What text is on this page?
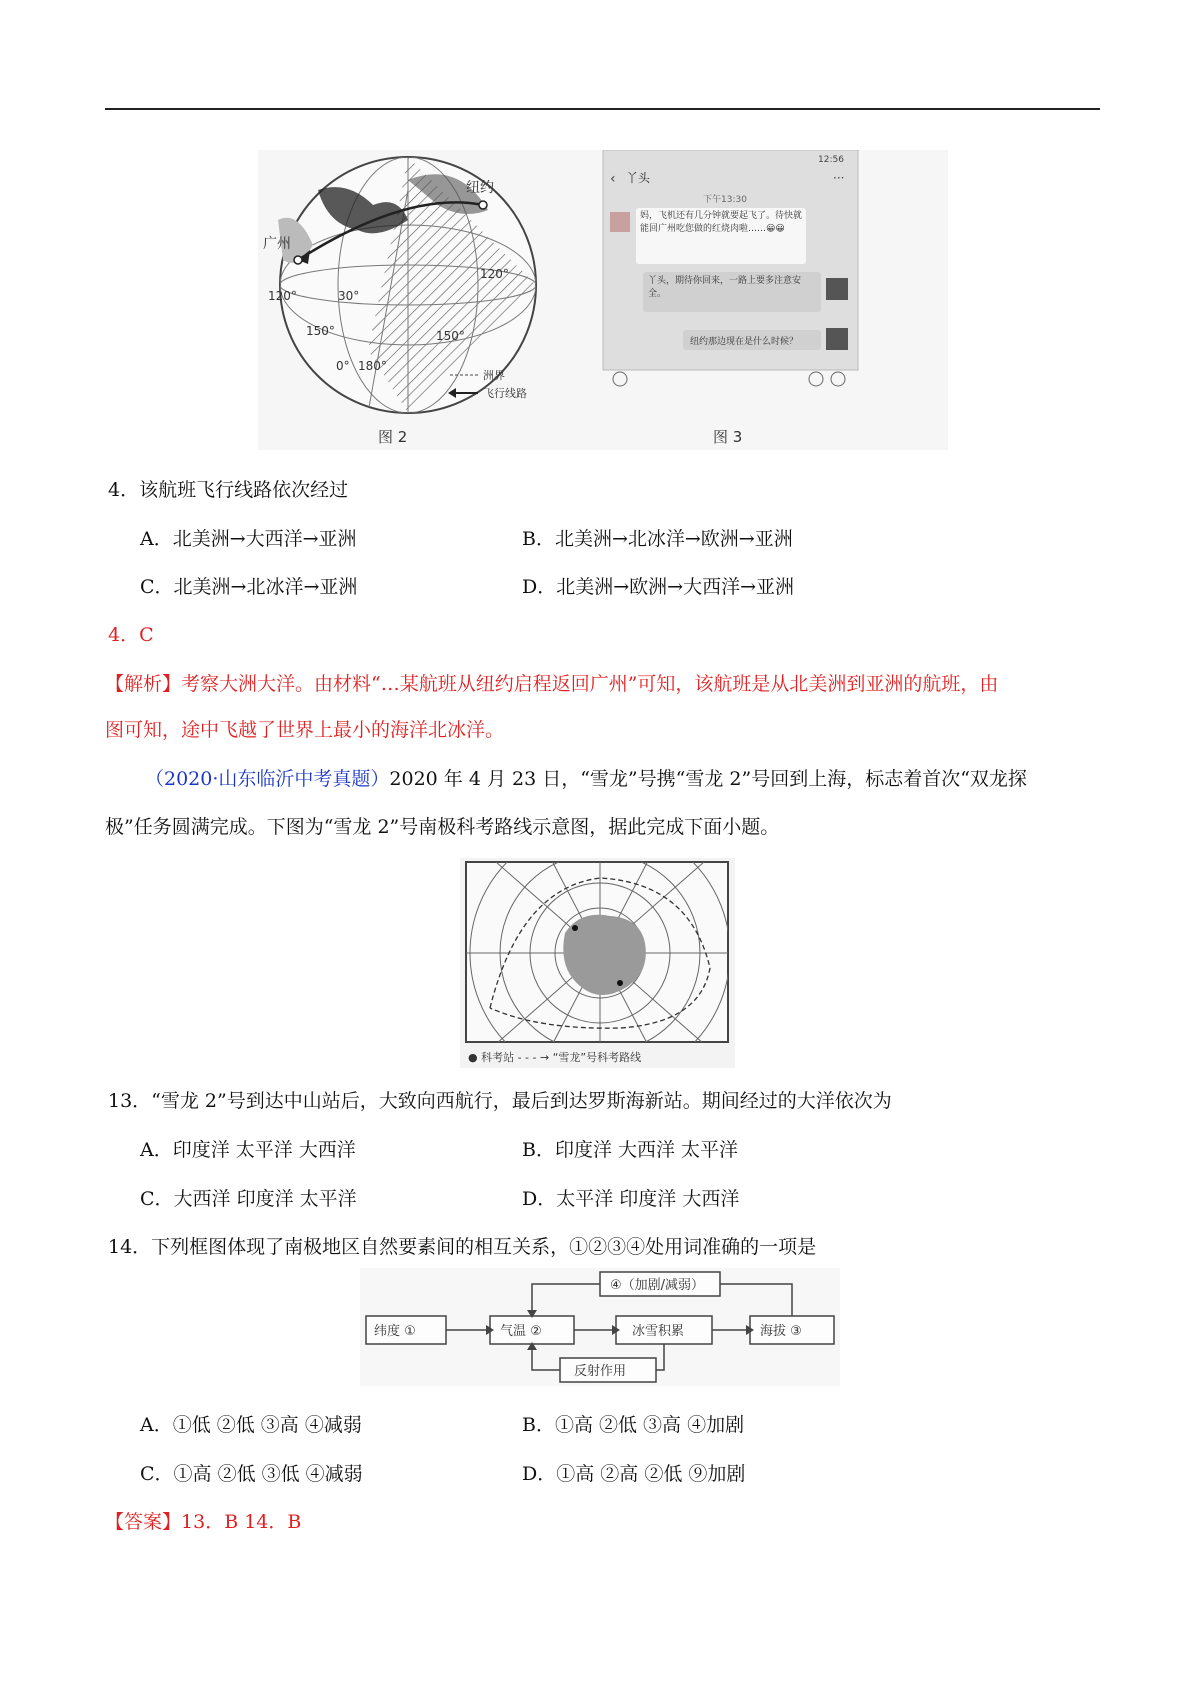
纽约
广州
30°
120°
150°
0° 180°
150°
120°
洲界
飞行线路
图 2
12:56
‹ 丫头	···
下午13:30
妈，飞机还有几分钟就要起飞了。待快就能回广州吃您做的红烧肉啦……😀😀
丫头，期待你回来，一路上要多注意安全。
纽约那边现在是什么时候？
图 3
4．该航班飞行线路依次经过
A．北美洲→大西洋→亚洲	B．北美洲→北冰洋→欧洲→亚洲
C．北美洲→北冰洋→亚洲	D．北美洲→欧洲→大西洋→亚洲
4．C
【解析】考察大洲大洋。由材料“…某航班从纽约启程返回广州”可知，该航班是从北美洲到亚洲的航班，由
图可知，途中飞越了世界上最小的海洋北冰洋。
（2020·山东临沂中考真题）2020 年 4 月 23 日，“雪龙”号携“雪龙 2”号回到上海，标志着首次“双龙探
极”任务圆满完成。下图为“雪龙 2”号南极科考路线示意图，据此完成下面小题。
● 科考站 - - - → “雪龙”号科考路线
13．“雪龙 2”号到达中山站后，大致向西航行，最后到达罗斯海新站。期间经过的大洋依次为
A．印度洋 太平洋 大西洋	B．印度洋 大西洋 太平洋
C．大西洋 印度洋 太平洋	D．太平洋 印度洋 大西洋
14．下列框图体现了南极地区自然要素间的相互关系，①②③④处用词准确的一项是
④（加剧/减弱）
纬度 ①	气温 ②	冰雪积累	海拔 ③
反射作用
A．①低 ②低 ③高 ④减弱	B．①高 ②低 ③高 ④加剧
C．①高 ②低 ③低 ④减弱	D．①高 ②高 ②低 ⑨加剧
【答案】13．B 14．B
